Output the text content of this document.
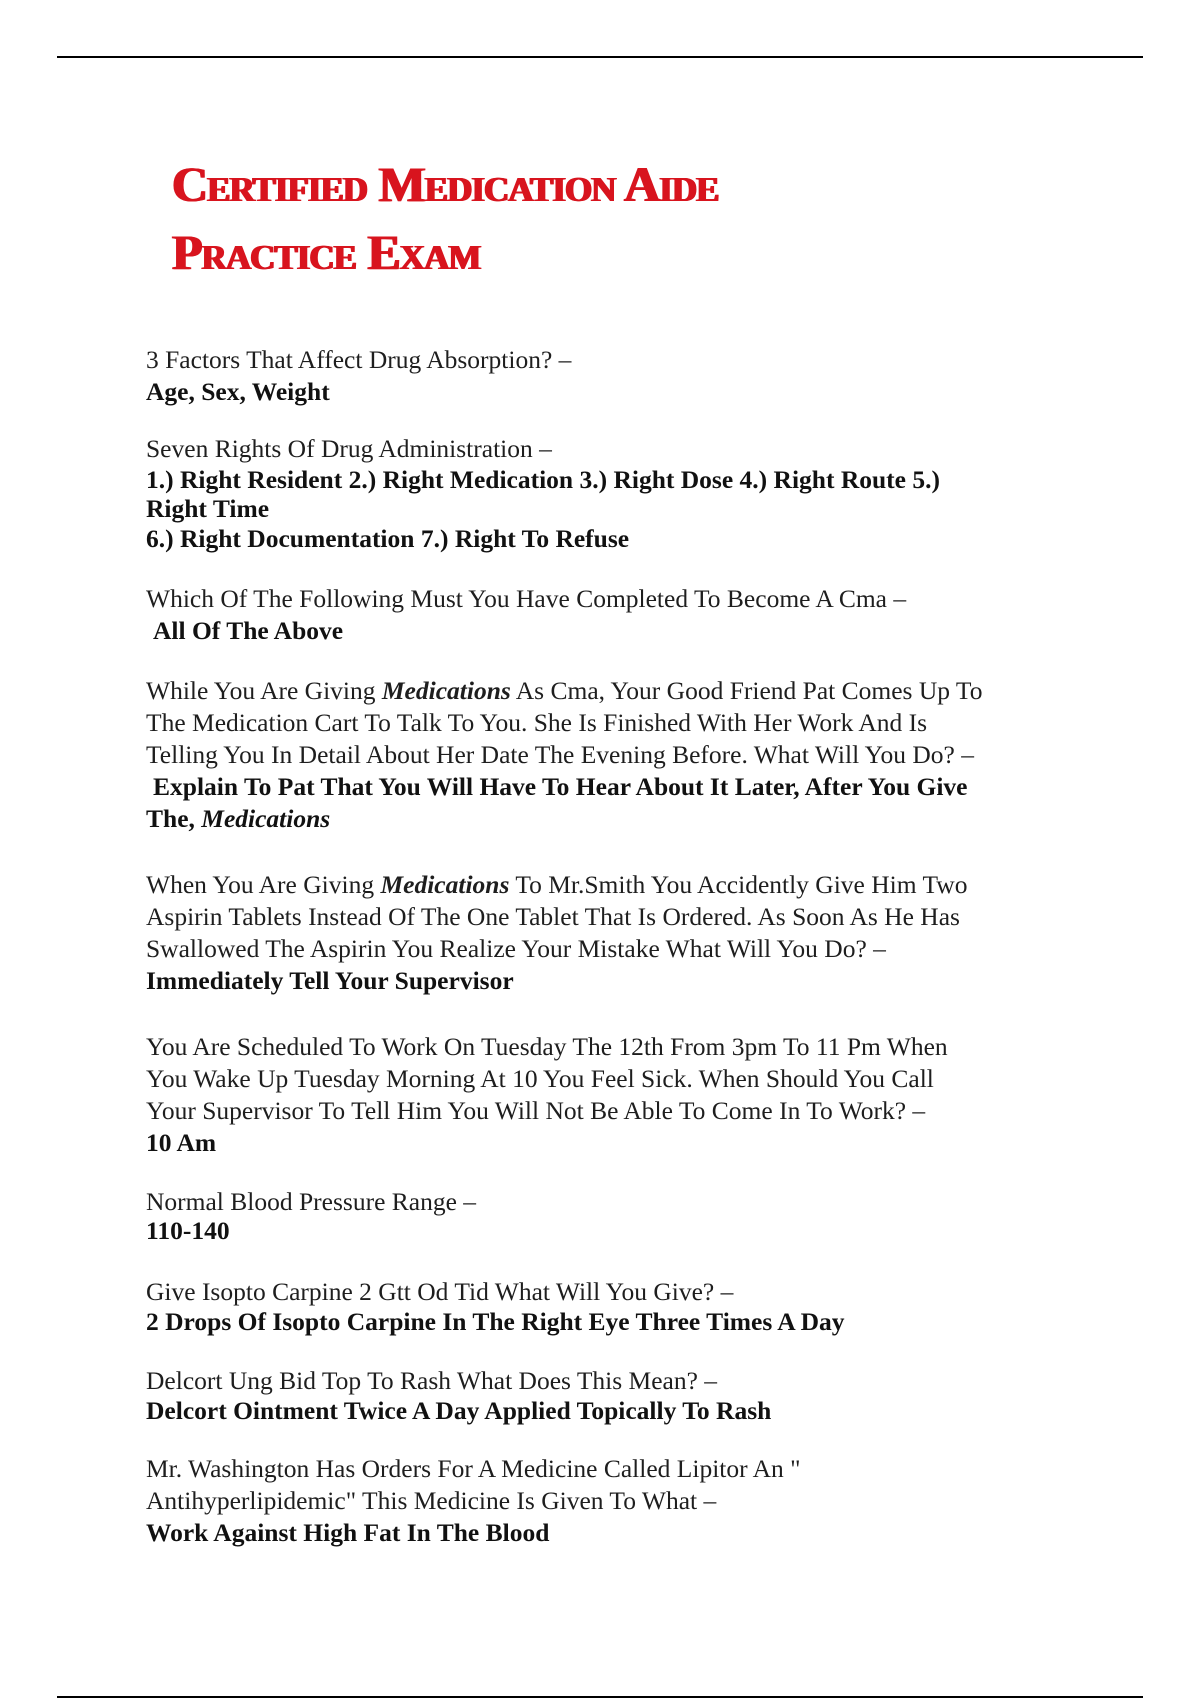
Certified Medication Aide
Practice Exam
3 Factors That Affect Drug Absorption? –
Age, Sex, Weight
Seven Rights Of Drug Administration –
1.) Right Resident 2.) Right Medication 3.) Right Dose 4.) Right Route 5.)
Right Time
6.) Right Documentation 7.) Right To Refuse
Which Of The Following Must You Have Completed To Become A Cma –
All Of The Above
While You Are Giving Medications As Cma, Your Good Friend Pat Comes Up To
The Medication Cart To Talk To You. She Is Finished With Her Work And Is
Telling You In Detail About Her Date The Evening Before. What Will You Do? –
Explain To Pat That You Will Have To Hear About It Later, After You Give
The, Medications
When You Are Giving Medications To Mr.Smith You Accidently Give Him Two
Aspirin Tablets Instead Of The One Tablet That Is Ordered. As Soon As He Has
Swallowed The Aspirin You Realize Your Mistake What Will You Do? –
Immediately Tell Your Supervisor
You Are Scheduled To Work On Tuesday The 12th From 3pm To 11 Pm When
You Wake Up Tuesday Morning At 10 You Feel Sick. When Should You Call
Your Supervisor To Tell Him You Will Not Be Able To Come In To Work? –
10 Am
Normal Blood Pressure Range –
110-140
Give Isopto Carpine 2 Gtt Od Tid What Will You Give? –
2 Drops Of Isopto Carpine In The Right Eye Three Times A Day
Delcort Ung Bid Top To Rash What Does This Mean? –
Delcort Ointment Twice A Day Applied Topically To Rash
Mr. Washington Has Orders For A Medicine Called Lipitor An "
Antihyperlipidemic" This Medicine Is Given To What –
Work Against High Fat In The Blood
